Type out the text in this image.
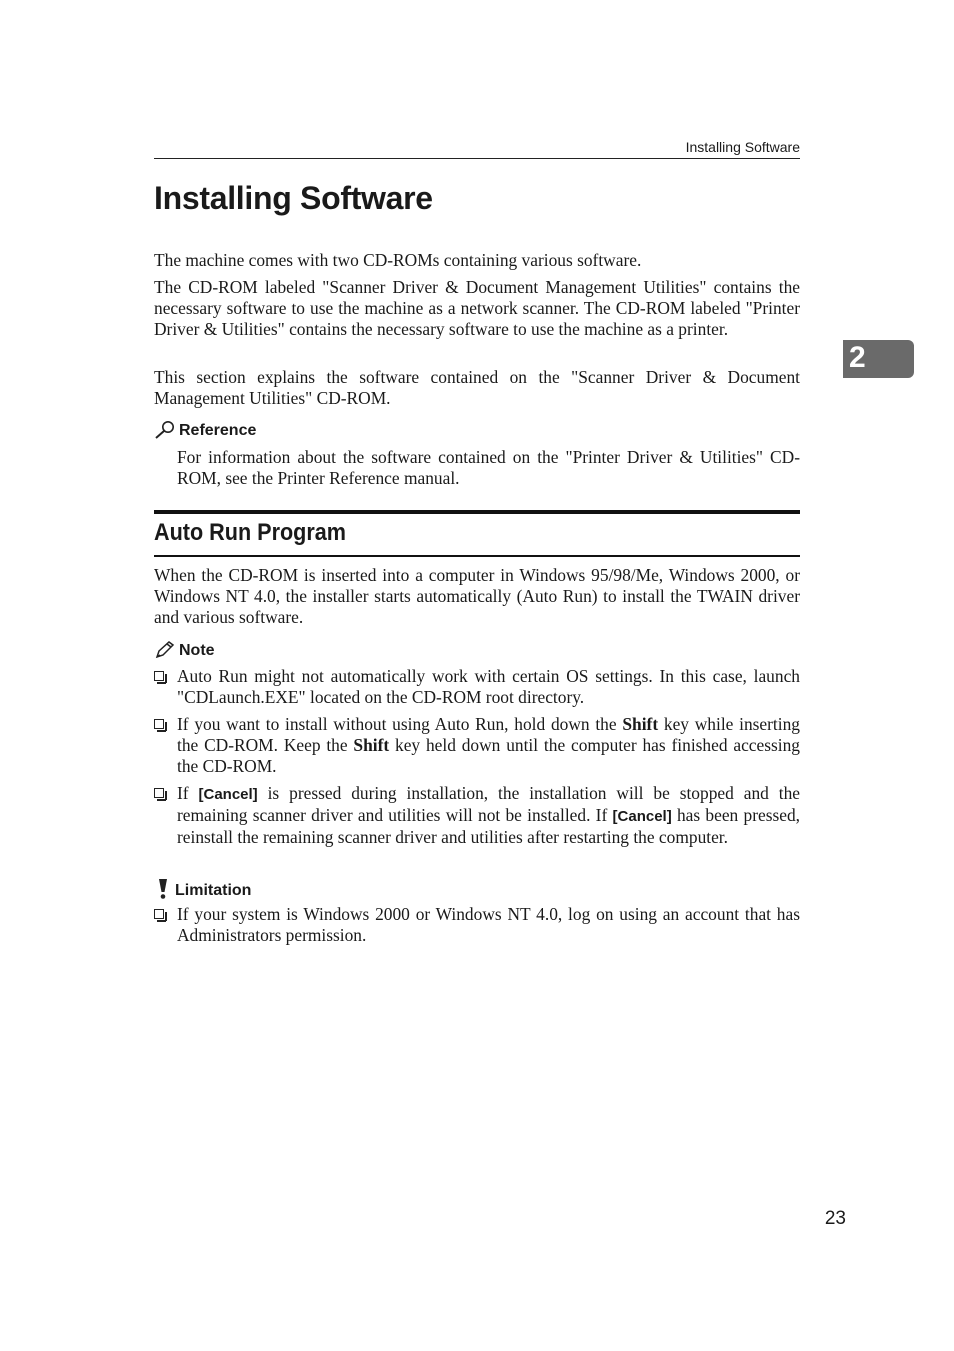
Installing Software
Installing Software

The machine comes with two CD-ROMs containing various software.

The CD-ROM labeled "Scanner Driver & Document Management Utilities" contains the necessary software to use the machine as a network scanner. The CD-ROM labeled "Printer Driver & Utilities" contains the necessary software to use the machine as a printer.

This section explains the software contained on the "Scanner Driver & Document Management Utilities" CD-ROM.

Reference

For information about the software contained on the "Printer Driver & Utilities" CD-ROM, see the Printer Reference manual.

Auto Run Program

When the CD-ROM is inserted into a computer in Windows 95/98/Me, Windows 2000, or Windows NT 4.0, the installer starts automatically (Auto Run) to install the TWAIN driver and various software.

Note
Auto Run might not automatically work with certain OS settings. In this case, launch "CDLaunch.EXE" located on the CD-ROM root directory.
If you want to install without using Auto Run, hold down the Shift key while inserting the CD-ROM. Keep the Shift key held down until the computer has finished accessing the CD-ROM.
If [Cancel] is pressed during installation, the installation will be stopped and the remaining scanner driver and utilities will not be installed. If [Cancel] has been pressed, reinstall the remaining scanner driver and utilities after restarting the computer.
Limitation
If your system is Windows 2000 or Windows NT 4.0, log on using an account that has Administrators permission.
2
23
